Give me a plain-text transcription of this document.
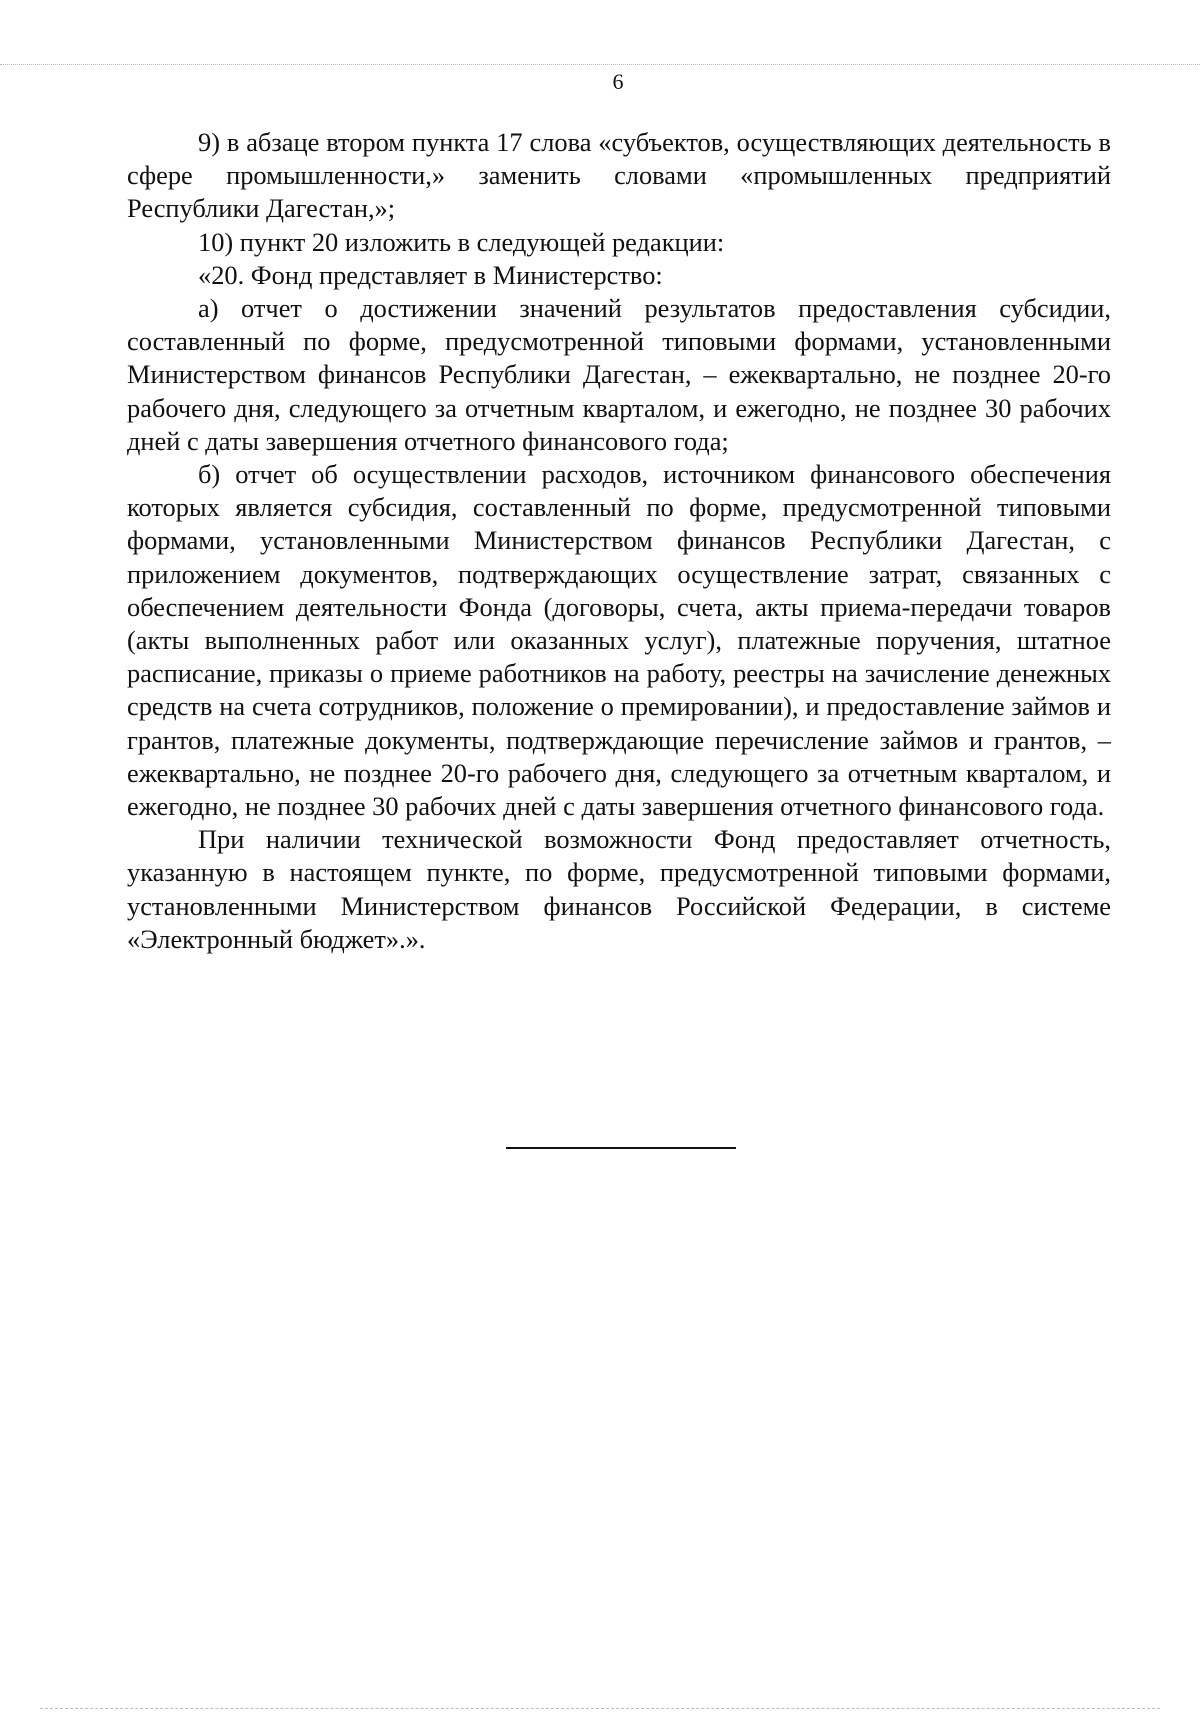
6

9) в абзаце втором пункта 17 слова «субъектов, осуществляющих деятельность в сфере промышленности,» заменить словами «промышленных предприятий Республики Дагестан,»;

10) пункт 20 изложить в следующей редакции:

«20. Фонд представляет в Министерство:

а) отчет о достижении значений результатов предоставления субсидии, составленный по форме, предусмотренной типовыми формами, установленными Министерством финансов Республики Дагестан, – ежеквартально, не позднее 20-го рабочего дня, следующего за отчетным кварталом, и ежегодно, не позднее 30 рабочих дней с даты завершения отчетного финансового года;

б) отчет об осуществлении расходов, источником финансового обеспечения которых является субсидия, составленный по форме, предусмотренной типовыми формами, установленными Министерством финансов Республики Дагестан, с приложением документов, подтверждающих осуществление затрат, связанных с обеспечением деятельности Фонда (договоры, счета, акты приема-передачи товаров (акты выполненных работ или оказанных услуг), платежные поручения, штатное расписание, приказы о приеме работников на работу, реестры на зачисление денежных средств на счета сотрудников, положение о премировании), и предоставление займов и грантов, платежные документы, подтверждающие перечисление займов и грантов, – ежеквартально, не позднее 20-го рабочего дня, следующего за отчетным кварталом, и ежегодно, не позднее 30 рабочих дней с даты завершения отчетного финансового года.

При наличии технической возможности Фонд предоставляет отчетность, указанную в настоящем пункте, по форме, предусмотренной типовыми формами, установленными Министерством финансов Российской Федерации, в системе «Электронный бюджет».».
